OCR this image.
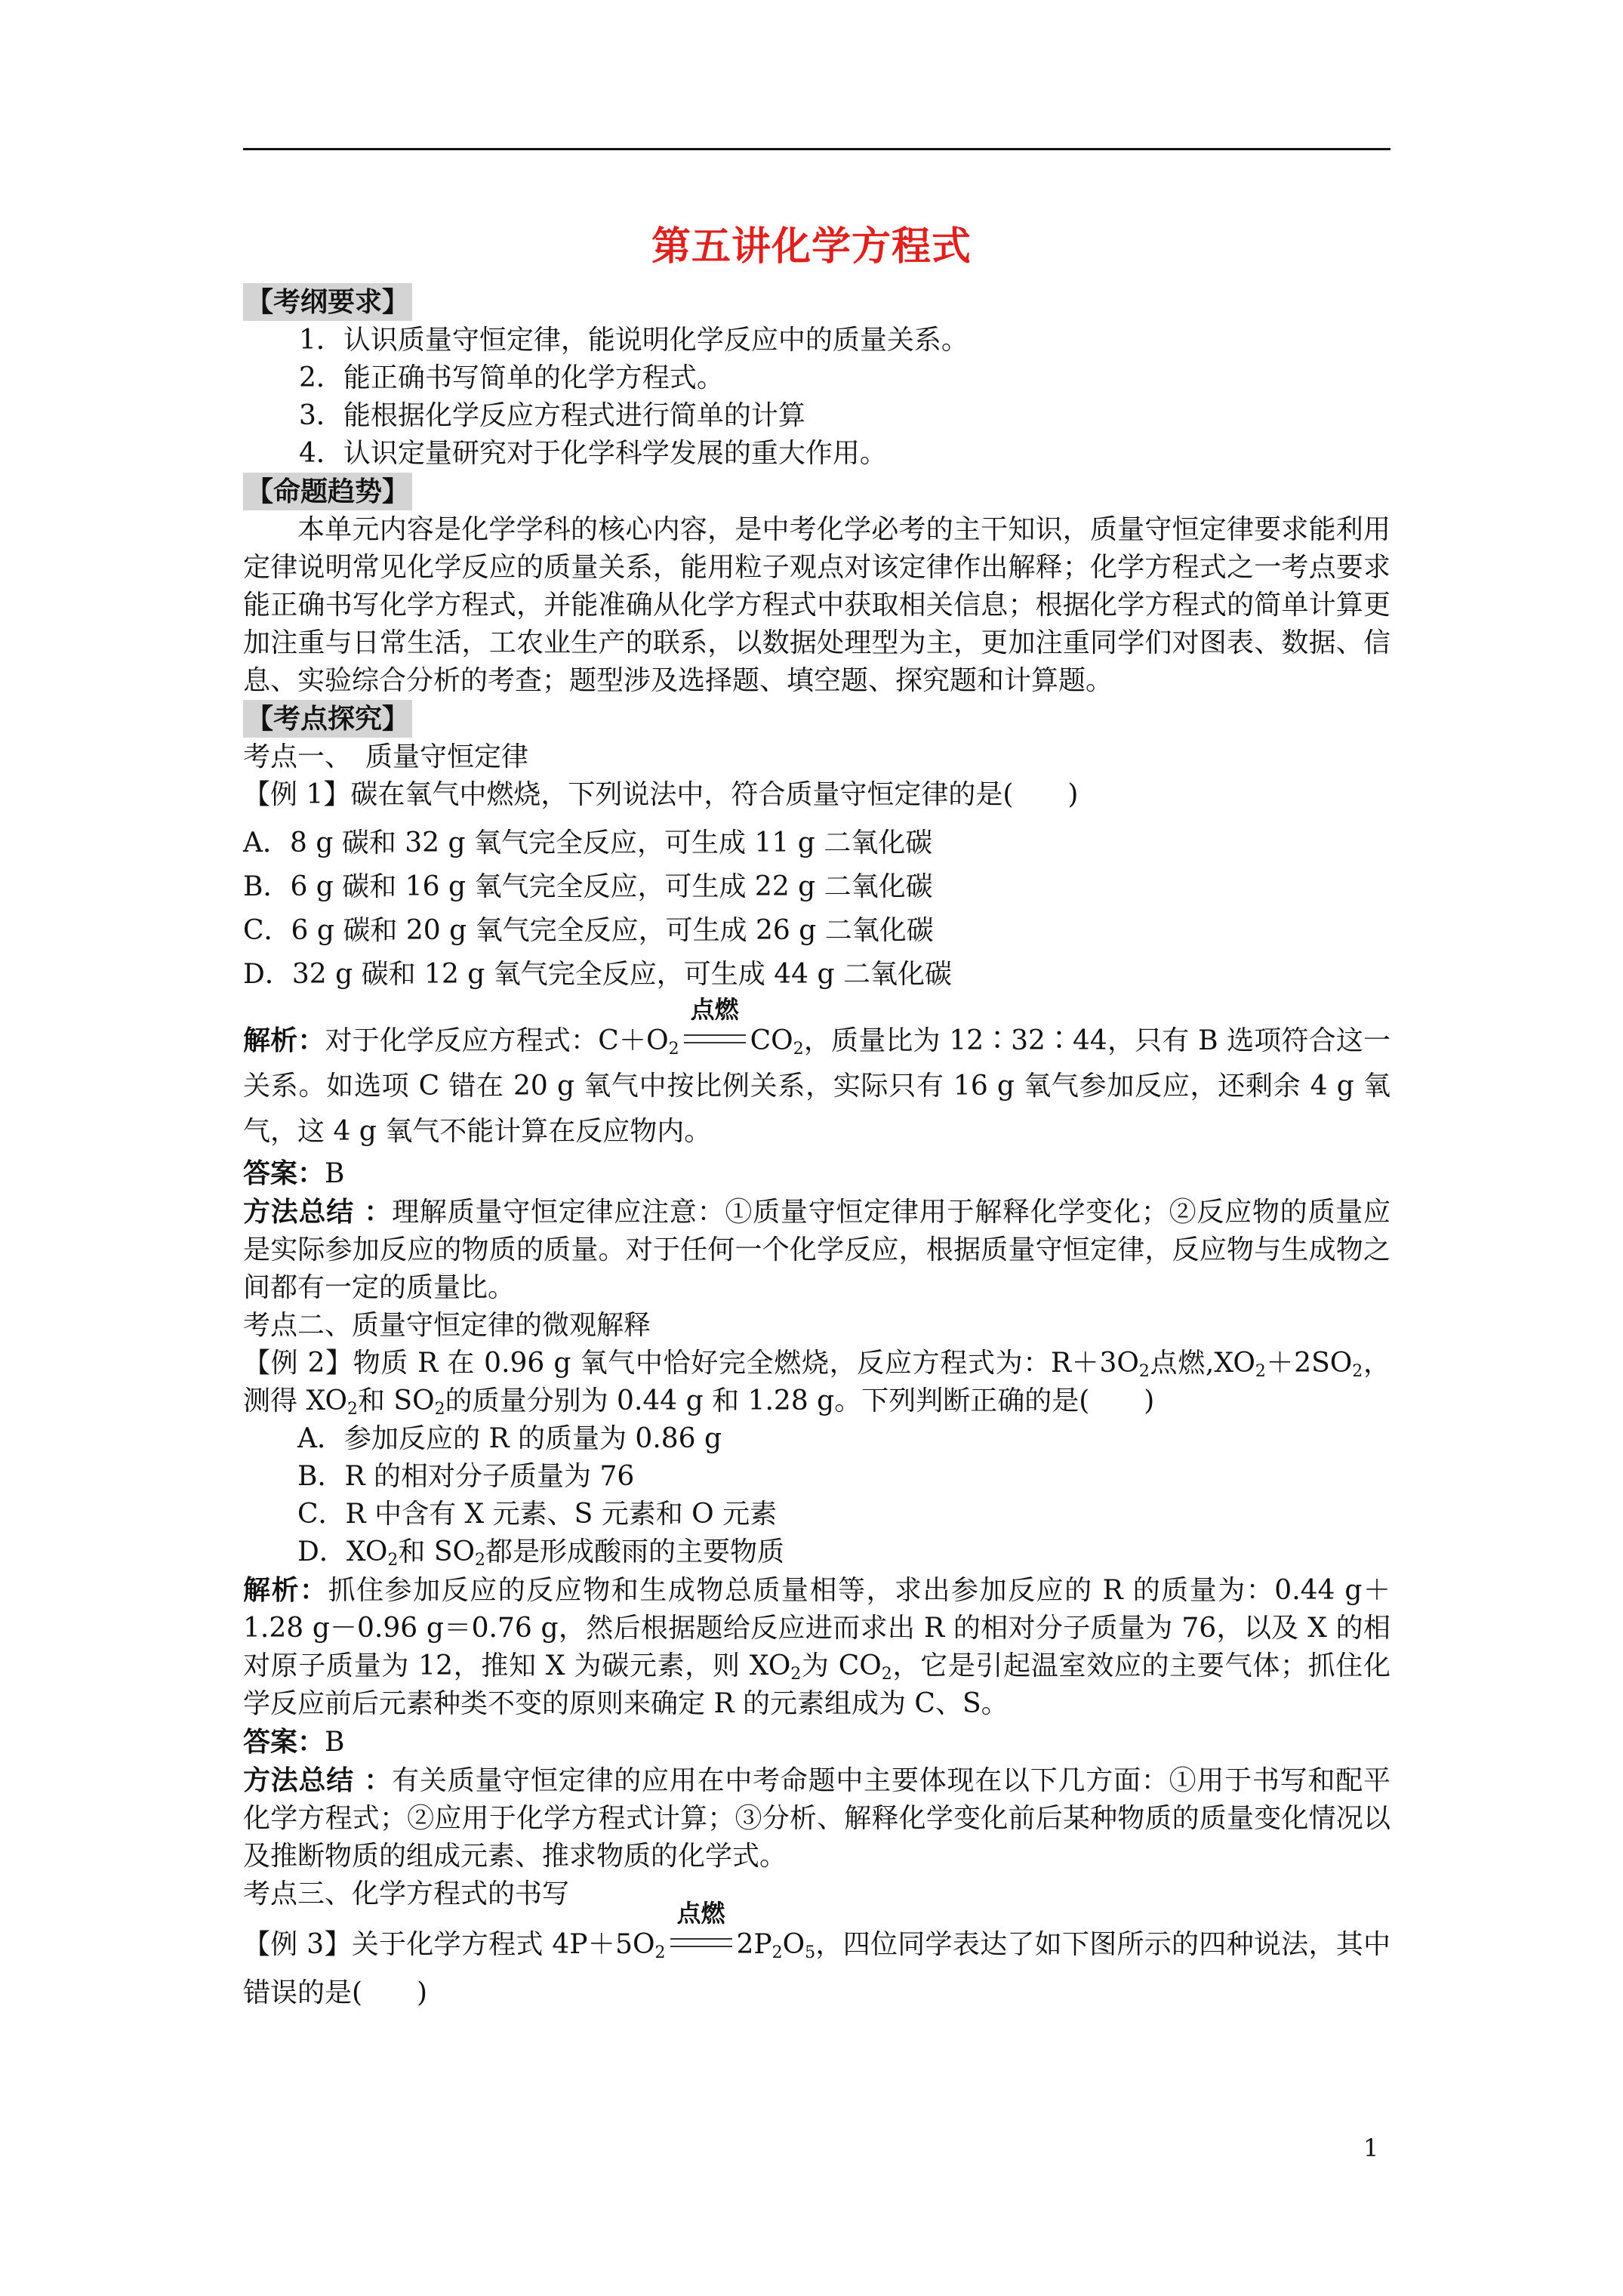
第五讲化学方程式
【考纲要求】
1．认识质量守恒定律，能说明化学反应中的质量关系。
2．能正确书写简单的化学方程式。
3．能根据化学反应方程式进行简单的计算
4．认识定量研究对于化学科学发展的重大作用。
【命题趋势】
本单元内容是化学学科的核心内容，是中考化学必考的主干知识，质量守恒定律要求能利用定律说明常见化学反应的质量关系，能用粒子观点对该定律作出解释；化学方程式之一考点要求能正确书写化学方程式，并能准确从化学方程式中获取相关信息；根据化学方程式的简单计算更加注重与日常生活，工农业生产的联系，以数据处理型为主，更加注重同学们对图表、数据、信息、实验综合分析的考查；题型涉及选择题、填空题、探究题和计算题。
【考点探究】
考点一、　质量守恒定律
【例 1】碳在氧气中燃烧，下列说法中，符合质量守恒定律的是(　　)
A．8 g 碳和 32 g 氧气完全反应，可生成 11 g 二氧化碳
B．6 g 碳和 16 g 氧气完全反应，可生成 22 g 二氧化碳
C．6 g 碳和 20 g 氧气完全反应，可生成 26 g 二氧化碳
D．32 g 碳和 12 g 氧气完全反应，可生成 44 g 二氧化碳
解析：对于化学反应方程式：$C+O_2$
点燃
$CO_2$，质量比为 12∶32∶44，只有 B 选项符合这一关系。如选项 C 错在 20 g 氧气中按比例关系，实际只有 16 g 氧气参加反应，还剩余 4 g 氧气，这 4 g 氧气不能计算在反应物内。
答案：B
方法总结 ：理解质量守恒定律应注意：①质量守恒定律用于解释化学变化；②反应物的质量应是实际参加反应的物质的质量。对于任何一个化学反应，根据质量守恒定律，反应物与生成物之间都有一定的质量比。
考点二、质量守恒定律的微观解释
【例 2】物质 R 在 0.96 g 氧气中恰好完全燃烧，反应方程式为：$R+3O_2$点燃$,XO_2+2SO_2$，测得 $XO_2$和 $SO_2$的质量分别为 0.44 g 和 1.28 g。下列判断正确的是(　　)
A．参加反应的 R 的质量为 0.86 g
B．R 的相对分子质量为 76
C．R 中含有 X 元素、S 元素和 O 元素
D．$XO_2$和 $SO_2$都是形成酸雨的主要物质
解析：抓住参加反应的反应物和生成物总质量相等，求出参加反应的 R 的质量为：0.44 g＋1.28 g－0.96 g＝0.76 g，然后根据题给反应进而求出 R 的相对分子质量为 76，以及 X 的相对原子质量为 12，推知 X 为碳元素，则 $XO_2$为 $CO_2$，它是引起温室效应的主要气体；抓住化学反应前后元素种类不变的原则来确定 R 的元素组成为 C、S。
答案：B
方法总结 ：有关质量守恒定律的应用在中考命题中主要体现在以下几方面：①用于书写和配平化学方程式；②应用于化学方程式计算；③分析、解释化学变化前后某种物质的质量变化情况以及推断物质的组成元素、推求物质的化学式。
考点三、化学方程式的书写
【例 3】关于化学方程式 $4P+5O_2$
点燃
$2P_2O_5$，四位同学表达了如下图所示的四种说法，其中错误的是(　　)
1
